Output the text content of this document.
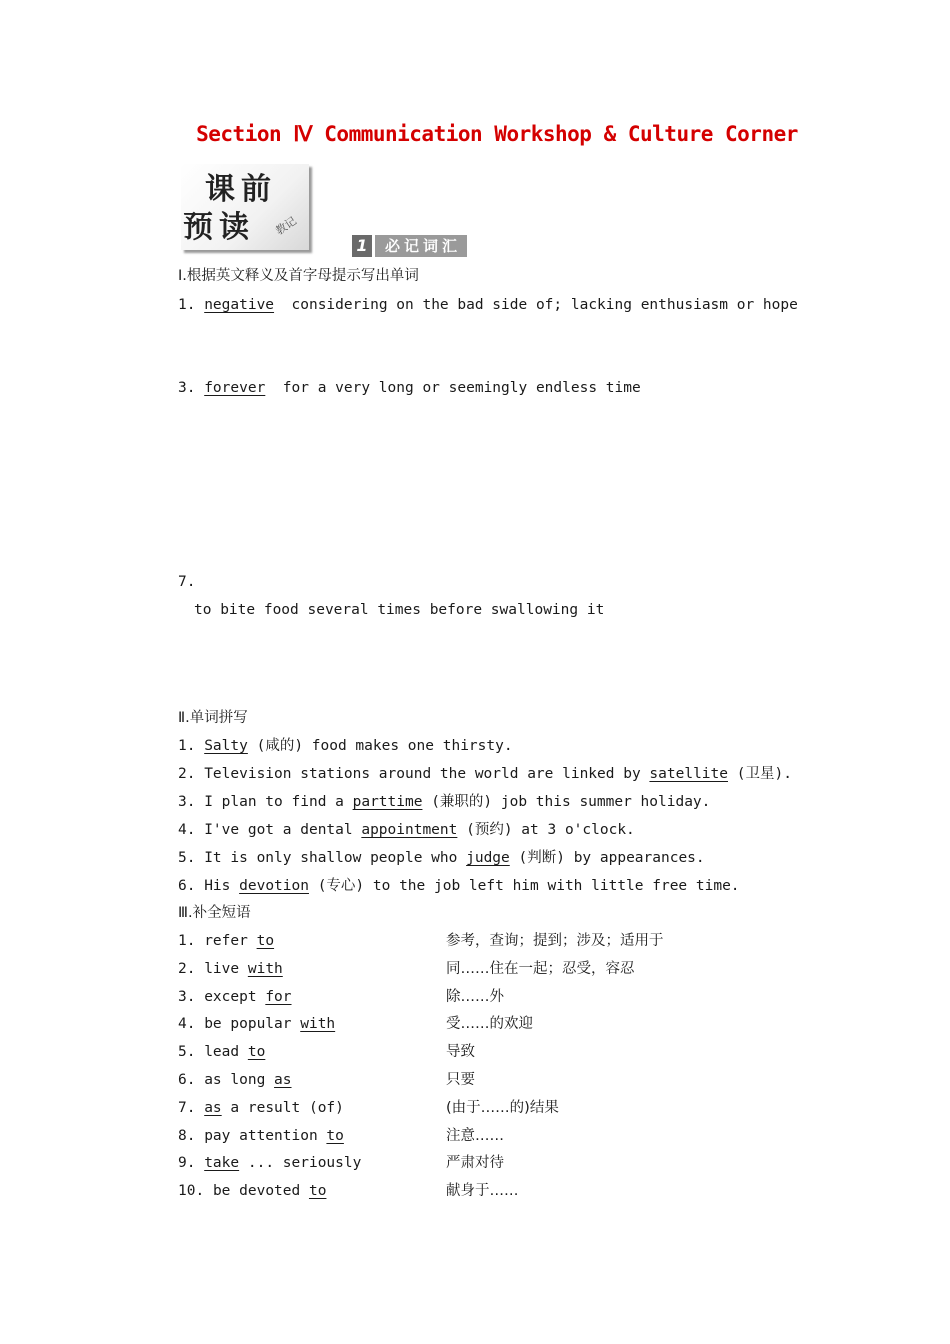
Section Ⅳ Communication Workshop & Culture Corner
课前
预读 教记
1	必记词汇
Ⅰ.根据英文释义及首字母提示写出单词
1. negative considering on the bad side of; lacking enthusiasm or hope
3. forever for a very long or seemingly endless time
7.
to bite food several times before swallowing it
Ⅱ.单词拼写
1. Salty (咸的) food makes one thirsty.
2. Television stations around the world are linked by satellite (卫星).
3. I plan to find a parttime (兼职的) job this summer holiday.
4. I've got a dental appointment (预约) at 3 o'clock.
5. It is only shallow people who judge (判断) by appearances.
6. His devotion (专心) to the job left him with little free time.
Ⅲ.补全短语
1. refer to	参考，查询；提到；涉及；适用于
2. live with	同……住在一起；忍受，容忍
3. except for	除……外
4. be popular with	受……的欢迎
5. lead to	导致
6. as long as	只要
7. as a result (of)	(由于……的)结果
8. pay attention to	注意……
9. take ... seriously	严肃对待
10. be devoted to	献身于……
